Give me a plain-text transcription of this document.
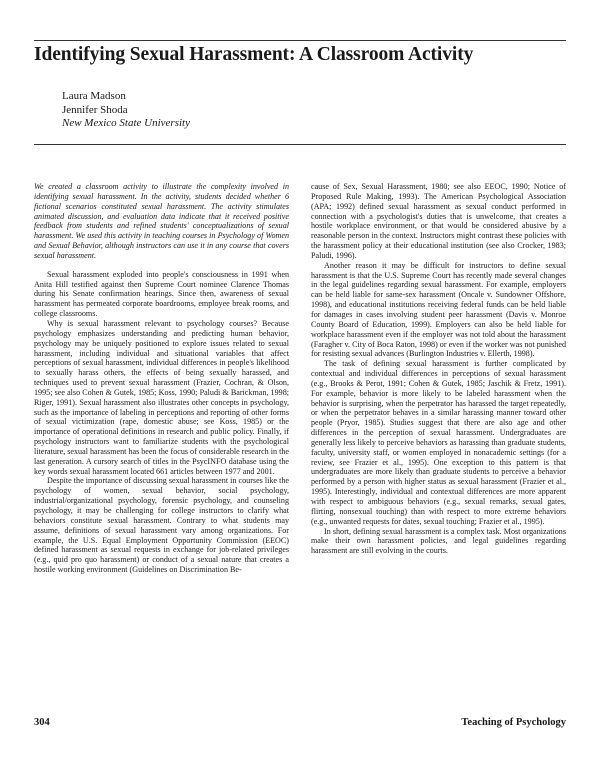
Identifying Sexual Harassment: A Classroom Activity
Laura Madson
Jennifer Shoda
New Mexico State University

We created a classroom activity to illustrate the complexity involved in identifying sexual harassment. In the activity, students decided whether 6 fictional scenarios constituted sexual harassment. The activity stimulates animated discussion, and evaluation data indicate that it received positive feedback from students and refined students' conceptualizations of sexual harassment. We used this activity in teaching courses in Psychology of Women and Sexual Behavior, although instructors can use it in any course that covers sexual harassment.

Sexual harassment exploded into people's consciousness in 1991 when Anita Hill testified against then Supreme Court nominee Clarence Thomas during his Senate confirmation hearings. Since then, awareness of sexual harassment has permeated corporate boardrooms, employee break rooms, and college classrooms.

Why is sexual harassment relevant to psychology courses? Because psychology emphasizes understanding and predicting human behavior, psychology may be uniquely positioned to explore issues related to sexual harassment, including individual and situational variables that affect perceptions of sexual harassment, individual differences in people's likelihood to sexually harass others, the effects of being sexually harassed, and techniques used to prevent sexual harassment (Frazier, Cochran, & Olson, 1995; see also Cohen & Gutek, 1985; Koss, 1990; Paludi & Barickman, 1998; Riger, 1991). Sexual harassment also illustrates other concepts in psychology, such as the importance of labeling in perceptions and reporting of other forms of sexual victimization (rape, domestic abuse; see Koss, 1985) or the importance of operational definitions in research and public policy. Finally, if psychology instructors want to familiarize students with the psychological literature, sexual harassment has been the focus of considerable research in the last generation. A cursory search of titles in the PsycINFO database using the key words sexual harassment located 661 articles between 1977 and 2001.

Despite the importance of discussing sexual harassment in courses like the psychology of women, sexual behavior, social psychology, industrial/organizational psychology, forensic psychology, and counseling psychology, it may be challenging for college instructors to clarify what behaviors constitute sexual harassment. Contrary to what students may assume, definitions of sexual harassment vary among organizations. For example, the U.S. Equal Employment Opportunity Commission (EEOC) defined harassment as sexual requests in exchange for job-related privileges (e.g., quid pro quo harassment) or conduct of a sexual nature that creates a hostile working environment (Guidelines on Discrimination Be-

cause of Sex, Sexual Harassment, 1980; see also EEOC, 1990; Notice of Proposed Rule Making, 1993). The American Psychological Association (APA; 1992) defined sexual harassment as sexual conduct performed in connection with a psychologist's duties that is unwelcome, that creates a hostile workplace environment, or that would be considered abusive by a reasonable person in the context. Instructors might contrast these policies with the harassment policy at their educational institution (see also Crocker, 1983; Paludi, 1996).

Another reason it may be difficult for instructors to define sexual harassment is that the U.S. Supreme Court has recently made several changes in the legal guidelines regarding sexual harassment. For example, employers can be held liable for same-sex harassment (Oncale v. Sundowner Offshore, 1998), and educational institutions receiving federal funds can be held liable for damages in cases involving student peer harassment (Davis v. Monroe County Board of Education, 1999). Employers can also be held liable for workplace harassment even if the employer was not told about the harassment (Faragher v. City of Boca Raton, 1998) or even if the worker was not punished for resisting sexual advances (Burlington Industries v. Ellerth, 1998).

The task of defining sexual harassment is further complicated by contextual and individual differences in perceptions of sexual harassment (e.g., Brooks & Perot, 1991; Cohen & Gutek, 1985; Jaschik & Fretz, 1991). For example, behavior is more likely to be labeled harassment when the behavior is surprising, when the perpetrator has harassed the target repeatedly, or when the perpetrator behaves in a similar harassing manner toward other people (Pryor, 1985). Studies suggest that there are also age and other differences in the perception of sexual harassment. Undergraduates are generally less likely to perceive behaviors as harassing than graduate students, faculty, university staff, or women employed in nonacademic settings (for a review, see Frazier et al., 1995). One exception to this pattern is that undergraduates are more likely than graduate students to perceive a behavior performed by a person with higher status as sexual harassment (Frazier et al., 1995). Interestingly, individual and contextual differences are more apparent with respect to ambiguous behaviors (e.g., sexual remarks, sexual gates, flirting, nonsexual touching) than with respect to more extreme behaviors (e.g., unwanted requests for dates, sexual touching; Frazier et al., 1995).

In short, defining sexual harassment is a complex task. Most organizations make their own harassment policies, and legal guidelines regarding harassment are still evolving in the courts.

304	Teaching of Psychology
